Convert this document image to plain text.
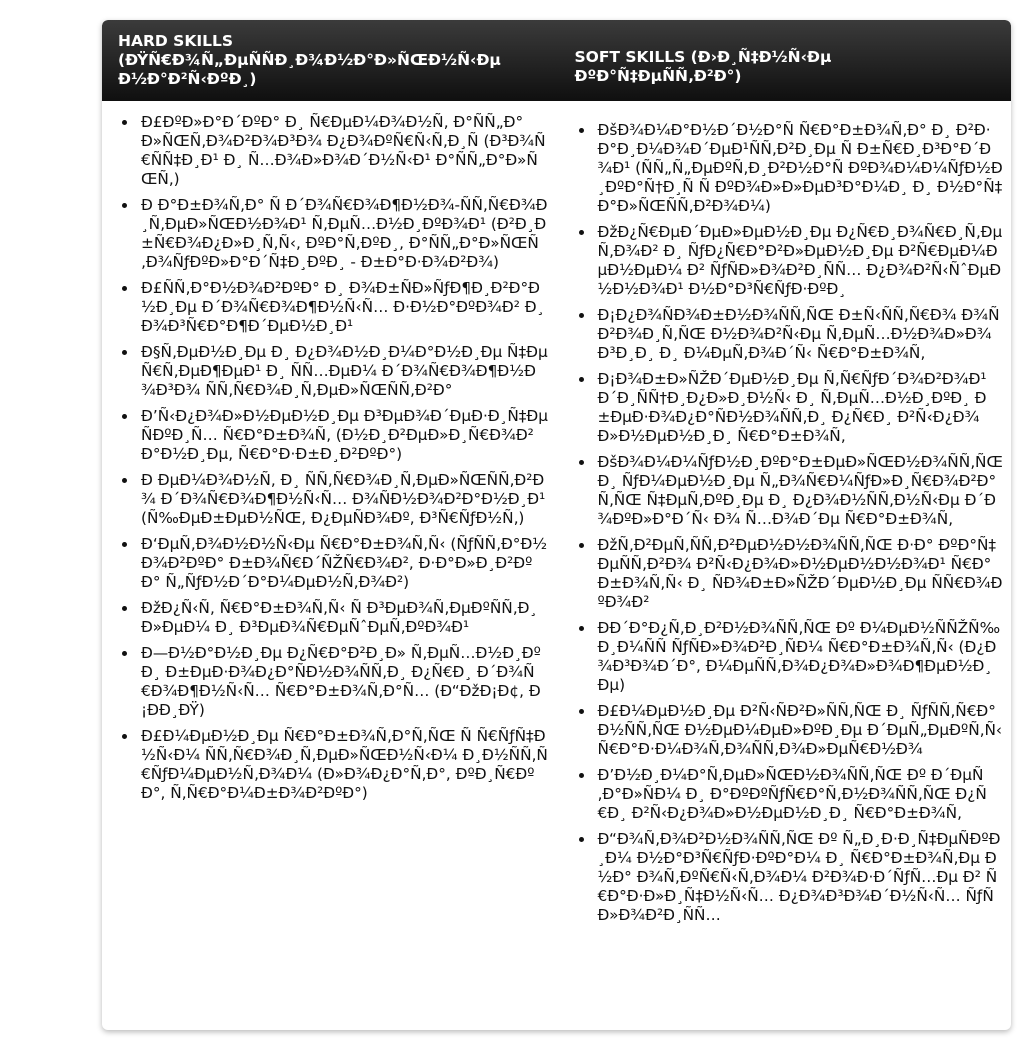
HARD SKILLS (ÐŸÑ€Ð¾Ñ„ÐµÑÑÐ¸Ð¾Ð½Ð°Ð»ÑŒÐ½Ñ‹Ðµ Ð½Ð°Ð²Ñ‹ÐºÐ¸)
SOFT SKILLS (Ð›Ð¸Ñ‡Ð½Ñ‹Ðµ ÐºÐ°Ñ‡ÐµÑÑ‚Ð²Ð°)
• Ð£ÐºÐ»Ð°Ð´ÐºÐ° Ð¸ Ñ€ÐµÐ¼Ð¾Ð½Ñ‚ Ð°ÑÑ„Ð°Ð»ÑŒÑ‚Ð¾Ð²Ð¾Ð³Ð¾ Ð¿Ð¾ÐºÑ€Ñ‹Ñ‚Ð¸Ñ (Ð³Ð¾Ñ€ÑÑ‡Ð¸Ð¹ Ð¸ Ñ…Ð¾Ð»Ð¾Ð´Ð½Ñ‹Ð¹ Ð°ÑÑ„Ð°Ð»ÑŒÑ‚)
• Ð Ð°Ð±Ð¾Ñ‚Ð° Ñ Ð´Ð¾Ñ€Ð¾Ð¶Ð½Ð¾-ÑÑ‚Ñ€Ð¾Ð¸Ñ‚ÐµÐ»ÑŒÐ½Ð¾Ð¹ Ñ‚ÐµÑ…Ð½Ð¸ÐºÐ¾Ð¹ (Ð²Ð¸Ð±Ñ€Ð¾Ð¿Ð»Ð¸Ñ‚Ñ‹, ÐºÐ°Ñ‚ÐºÐ¸, Ð°ÑÑ„Ð°Ð»ÑŒÑ‚Ð¾ÑƒÐºÐ»Ð°Ð´Ñ‡Ð¸ÐºÐ¸ - Ð±Ð°Ð·Ð¾Ð²Ð¾)
• Ð£ÑÑ‚Ð°Ð½Ð¾Ð²ÐºÐ° Ð¸ Ð¾Ð±ÑÐ»ÑƒÐ¶Ð¸Ð²Ð°Ð½Ð¸Ðµ Ð´Ð¾Ñ€Ð¾Ð¶Ð½Ñ‹Ñ… Ð·Ð½Ð°ÐºÐ¾Ð² Ð¸ Ð¾Ð³Ñ€Ð°Ð¶Ð´ÐµÐ½Ð¸Ð¹
• Ð§Ñ‚ÐµÐ½Ð¸Ðµ Ð¸ Ð¿Ð¾Ð½Ð¸Ð¼Ð°Ð½Ð¸Ðµ Ñ‡ÐµÑ€Ñ‚ÐµÐ¶ÐµÐ¹ Ð¸ ÑÑ…ÐµÐ¼ Ð´Ð¾Ñ€Ð¾Ð¶Ð½Ð¾Ð³Ð¾ ÑÑ‚Ñ€Ð¾Ð¸Ñ‚ÐµÐ»ÑŒÑÑ‚Ð²Ð°
• Ð’Ñ‹Ð¿Ð¾Ð»Ð½ÐµÐ½Ð¸Ðµ Ð³ÐµÐ¾Ð´ÐµÐ·Ð¸Ñ‡ÐµÑÐºÐ¸Ñ… Ñ€Ð°Ð±Ð¾Ñ‚ (Ð½Ð¸Ð²ÐµÐ»Ð¸Ñ€Ð¾Ð²Ð°Ð½Ð¸Ðµ, Ñ€Ð°Ð·Ð±Ð¸Ð²ÐºÐ°)
• Ð ÐµÐ¼Ð¾Ð½Ñ‚ Ð¸ ÑÑ‚Ñ€Ð¾Ð¸Ñ‚ÐµÐ»ÑŒÑÑ‚Ð²Ð¾ Ð´Ð¾Ñ€Ð¾Ð¶Ð½Ñ‹Ñ… Ð¾ÑÐ½Ð¾Ð²Ð°Ð½Ð¸Ð¹ (Ñ‰ÐµÐ±ÐµÐ½ÑŒ, Ð¿ÐµÑÐ¾Ðº, Ð³Ñ€ÑƒÐ½Ñ‚)
• Ð‘ÐµÑ‚Ð¾Ð½Ð½Ñ‹Ðµ Ñ€Ð°Ð±Ð¾Ñ‚Ñ‹ (ÑƒÑÑ‚Ð°Ð½Ð¾Ð²ÐºÐ° Ð±Ð¾Ñ€Ð´ÑŽÑ€Ð¾Ð², Ð·Ð°Ð»Ð¸Ð²ÐºÐ° Ñ„ÑƒÐ½Ð´Ð°Ð¼ÐµÐ½Ñ‚Ð¾Ð²)
• ÐžÐ¿Ñ‹Ñ‚ Ñ€Ð°Ð±Ð¾Ñ‚Ñ‹ Ñ Ð³ÐµÐ¾Ñ‚ÐµÐºÑÑ‚Ð¸Ð»ÐµÐ¼ Ð¸ Ð³ÐµÐ¾Ñ€ÐµÑˆÐµÑ‚ÐºÐ¾Ð¹
• Ð—Ð½Ð°Ð½Ð¸Ðµ Ð¿Ñ€Ð°Ð²Ð¸Ð» Ñ‚ÐµÑ…Ð½Ð¸ÐºÐ¸ Ð±ÐµÐ·Ð¾Ð¿Ð°ÑÐ½Ð¾ÑÑ‚Ð¸ Ð¿Ñ€Ð¸ Ð´Ð¾Ñ€Ð¾Ð¶Ð½Ñ‹Ñ… Ñ€Ð°Ð±Ð¾Ñ‚Ð°Ñ… (Ð“ÐžÐ¡Ð¢, Ð¡ÐÐ¸ÐŸ)
• Ð£Ð¼ÐµÐ½Ð¸Ðµ Ñ€Ð°Ð±Ð¾Ñ‚Ð°Ñ‚ÑŒ Ñ Ñ€ÑƒÑ‡Ð½Ñ‹Ð¼ ÑÑ‚Ñ€Ð¾Ð¸Ñ‚ÐµÐ»ÑŒÐ½Ñ‹Ð¼ Ð¸Ð½ÑÑ‚Ñ€ÑƒÐ¼ÐµÐ½Ñ‚Ð¾Ð¼ (Ð»Ð¾Ð¿Ð°Ñ‚Ð°, ÐºÐ¸Ñ€ÐºÐ°, Ñ‚Ñ€Ð°Ð¼Ð±Ð¾Ð²ÐºÐ°)
• ÐšÐ¾Ð¼Ð°Ð½Ð´Ð½Ð°Ñ Ñ€Ð°Ð±Ð¾Ñ‚Ð° Ð¸ Ð²Ð·Ð°Ð¸Ð¼Ð¾Ð´ÐµÐ¹ÑÑ‚Ð²Ð¸Ðµ Ñ Ð±Ñ€Ð¸Ð³Ð°Ð´Ð¾Ð¹ (ÑÑ„Ñ„ÐµÐºÑ‚Ð¸Ð²Ð½Ð°Ñ ÐºÐ¾Ð¼Ð¼ÑƒÐ½Ð¸ÐºÐ°Ñ†Ð¸Ñ Ñ ÐºÐ¾Ð»Ð»ÐµÐ³Ð°Ð¼Ð¸ Ð¸ Ð½Ð°Ñ‡Ð°Ð»ÑŒÑÑ‚Ð²Ð¾Ð¼)
• ÐžÐ¿Ñ€ÐµÐ´ÐµÐ»ÐµÐ½Ð¸Ðµ Ð¿Ñ€Ð¸Ð¾Ñ€Ð¸Ñ‚ÐµÑ‚Ð¾Ð² Ð¸ ÑƒÐ¿Ñ€Ð°Ð²Ð»ÐµÐ½Ð¸Ðµ Ð²Ñ€ÐµÐ¼ÐµÐ½ÐµÐ¼ Ð² ÑƒÑÐ»Ð¾Ð²Ð¸ÑÑ… Ð¿Ð¾Ð²Ñ‹ÑˆÐµÐ½Ð½Ð¾Ð¹ Ð½Ð°Ð³Ñ€ÑƒÐ·ÐºÐ¸
• Ð¡Ð¿Ð¾ÑÐ¾Ð±Ð½Ð¾ÑÑ‚ÑŒ Ð±Ñ‹ÑÑ‚Ñ€Ð¾ Ð¾ÑÐ²Ð¾Ð¸Ñ‚ÑŒ Ð½Ð¾Ð²Ñ‹Ðµ Ñ‚ÐµÑ…Ð½Ð¾Ð»Ð¾Ð³Ð¸Ð¸ Ð¸ Ð¼ÐµÑ‚Ð¾Ð´Ñ‹ Ñ€Ð°Ð±Ð¾Ñ‚
• Ð¡Ð¾Ð±Ð»ÑŽÐ´ÐµÐ½Ð¸Ðµ Ñ‚Ñ€ÑƒÐ´Ð¾Ð²Ð¾Ð¹ Ð´Ð¸ÑÑ†Ð¸Ð¿Ð»Ð¸Ð½Ñ‹ Ð¸ Ñ‚ÐµÑ…Ð½Ð¸ÐºÐ¸ Ð±ÐµÐ·Ð¾Ð¿Ð°ÑÐ½Ð¾ÑÑ‚Ð¸ Ð¿Ñ€Ð¸ Ð²Ñ‹Ð¿Ð¾Ð»Ð½ÐµÐ½Ð¸Ð¸ Ñ€Ð°Ð±Ð¾Ñ‚
• ÐšÐ¾Ð¼Ð¼ÑƒÐ½Ð¸ÐºÐ°Ð±ÐµÐ»ÑŒÐ½Ð¾ÑÑ‚ÑŒ Ð¸ ÑƒÐ¼ÐµÐ½Ð¸Ðµ Ñ„Ð¾Ñ€Ð¼ÑƒÐ»Ð¸Ñ€Ð¾Ð²Ð°Ñ‚ÑŒ Ñ‡ÐµÑ‚ÐºÐ¸Ðµ Ð¸ Ð¿Ð¾Ð½ÑÑ‚Ð½Ñ‹Ðµ Ð´Ð¾ÐºÐ»Ð°Ð´Ñ‹ Ð¾ Ñ…Ð¾Ð´Ðµ Ñ€Ð°Ð±Ð¾Ñ‚
• ÐžÑ‚Ð²ÐµÑ‚ÑÑ‚Ð²ÐµÐ½Ð½Ð¾ÑÑ‚ÑŒ Ð·Ð° ÐºÐ°Ñ‡ÐµÑÑ‚Ð²Ð¾ Ð²Ñ‹Ð¿Ð¾Ð»Ð½ÐµÐ½Ð½Ð¾Ð¹ Ñ€Ð°Ð±Ð¾Ñ‚Ñ‹ Ð¸ ÑÐ¾Ð±Ð»ÑŽÐ´ÐµÐ½Ð¸Ðµ ÑÑ€Ð¾ÐºÐ¾Ð²
• ÐÐ´Ð°Ð¿Ñ‚Ð¸Ð²Ð½Ð¾ÑÑ‚ÑŒ Ðº Ð¼ÐµÐ½ÑÑŽÑ‰Ð¸Ð¼ÑÑ ÑƒÑÐ»Ð¾Ð²Ð¸ÑÐ¼ Ñ€Ð°Ð±Ð¾Ñ‚Ñ‹ (Ð¿Ð¾Ð³Ð¾Ð´Ð°, Ð¼ÐµÑÑ‚Ð¾Ð¿Ð¾Ð»Ð¾Ð¶ÐµÐ½Ð¸Ðµ)
• Ð£Ð¼ÐµÐ½Ð¸Ðµ Ð²Ñ‹ÑÐ²Ð»ÑÑ‚ÑŒ Ð¸ ÑƒÑÑ‚Ñ€Ð°Ð½ÑÑ‚ÑŒ Ð½ÐµÐ¼ÐµÐ»ÐºÐ¸Ðµ Ð´ÐµÑ„ÐµÐºÑ‚Ñ‹ Ñ€Ð°Ð·Ð¼Ð¾Ñ‚Ð¾ÑÑ‚Ð¾Ð»ÐµÑ€Ð½Ð¾
• Ð’Ð½Ð¸Ð¼Ð°Ñ‚ÐµÐ»ÑŒÐ½Ð¾ÑÑ‚ÑŒ Ðº Ð´ÐµÑ‚Ð°Ð»ÑÐ¼ Ð¸ Ð°ÐºÐºÑƒÑ€Ð°Ñ‚Ð½Ð¾ÑÑ‚ÑŒ Ð¿Ñ€Ð¸ Ð²Ñ‹Ð¿Ð¾Ð»Ð½ÐµÐ½Ð¸Ð¸ Ñ€Ð°Ð±Ð¾Ñ‚
• Ð“Ð¾Ñ‚Ð¾Ð²Ð½Ð¾ÑÑ‚ÑŒ Ðº Ñ„Ð¸Ð·Ð¸Ñ‡ÐµÑÐºÐ¸Ð¼ Ð½Ð°Ð³Ñ€ÑƒÐ·ÐºÐ°Ð¼ Ð¸ Ñ€Ð°Ð±Ð¾Ñ‚Ðµ Ð½Ð° Ð¾Ñ‚ÐºÑ€Ñ‹Ñ‚Ð¾Ð¼ Ð²Ð¾Ð·Ð´ÑƒÑ…Ðµ Ð² Ñ€Ð°Ð·Ð»Ð¸Ñ‡Ð½Ñ‹Ñ… Ð¿Ð¾Ð³Ð¾Ð´Ð½Ñ‹Ñ… ÑƒÑÐ»Ð¾Ð²Ð¸ÑÑ…
